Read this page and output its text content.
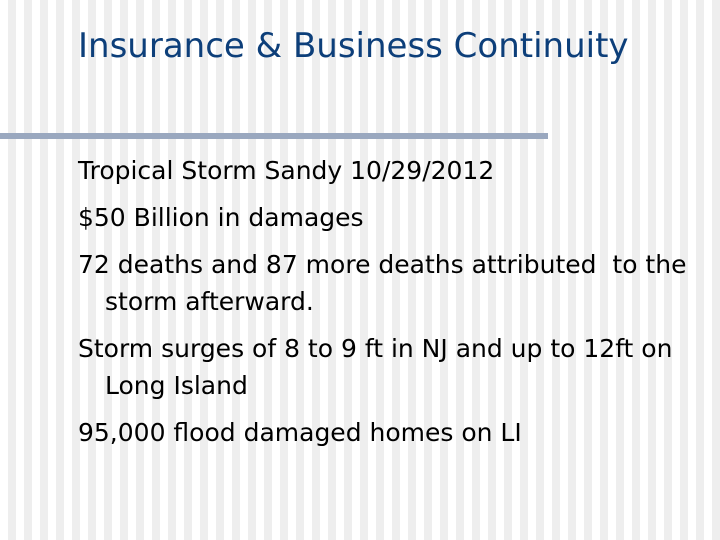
Insurance & Business Continuity
Tropical Storm Sandy 10/29/2012
$50 Billion in damages
72 deaths and 87 more deaths attributed  to the storm afterward.
Storm surges of 8 to 9 ft in NJ and up to 12ft on Long Island
95,000 flood damaged homes on LI
